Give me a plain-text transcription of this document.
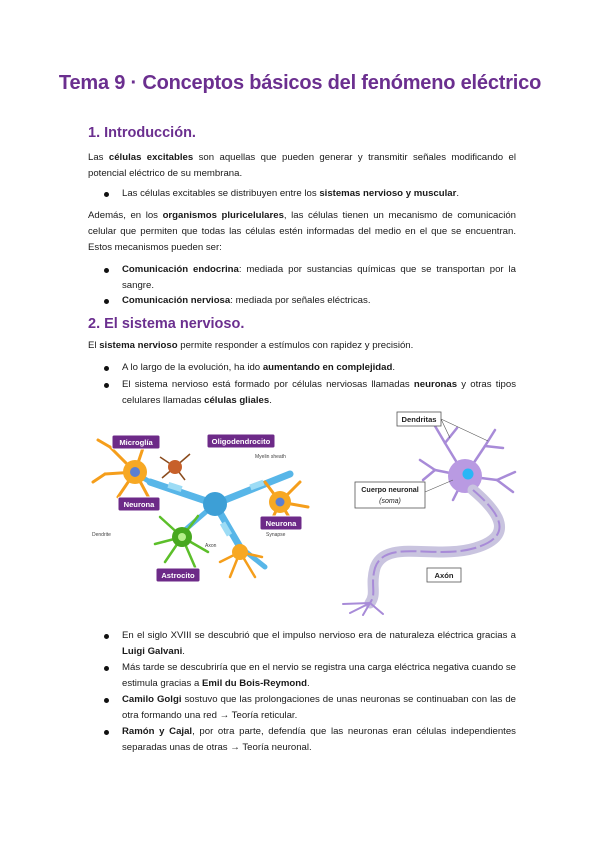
Tema 9 · Conceptos básicos del fenómeno eléctrico
1. Introducción.

Las células excitables son aquellas que pueden generar y transmitir señales modificando el potencial eléctrico de su membrana.

Las células excitables se distribuyen entre los sistemas nervioso y muscular.

Además, en los organismos pluricelulares, las células tienen un mecanismo de comunicación celular que permiten que todas las células estén informadas del medio en el que se encuentran. Estos mecanismos pueden ser:

Comunicación endocrina: mediada por sustancias químicas que se transportan por la sangre.

Comunicación nerviosa: mediada por señales eléctricas.

2. El sistema nervioso.

El sistema nervioso permite responder a estímulos con rapidez y precisión.

A lo largo de la evolución, ha ido aumentando en complejidad.

El sistema nervioso está formado por células nerviosas llamadas neuronas y otras tipos celulares llamadas células gliales.

Microglía	Oligodendrocito
Myelin sheath
Neurona
Neurona
Dendrite
Axon
Synapse
Astrocito
Dendritas
Cuerpo neuronal
(soma)
Axón

En el siglo XVIII se descubrió que el impulso nervioso era de naturaleza eléctrica gracias a Luigi Galvani.

Más tarde se descubriría que en el nervio se registra una carga eléctrica negativa cuando se estimula gracias a Emil du Bois-Reymond.

Camilo Golgi sostuvo que las prolongaciones de unas neuronas se continuaban con las de otra formando una red → Teoría reticular.

Ramón y Cajal, por otra parte, defendía que las neuronas eran células independientes separadas unas de otras → Teoría neuronal.
